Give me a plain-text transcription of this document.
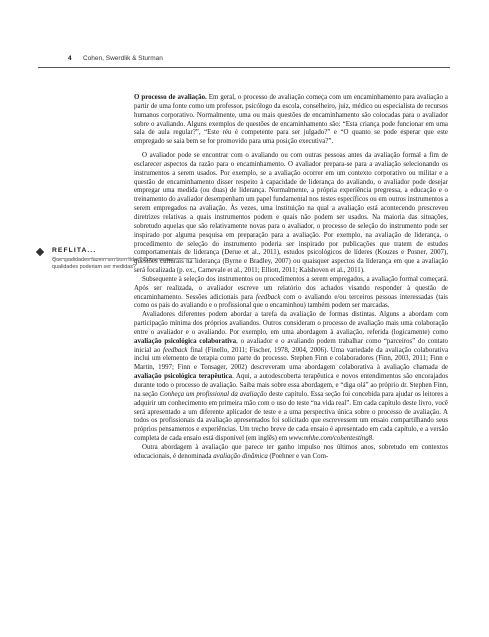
4 Cohen, Swerdlik & Sturman
REFLITA...
Que qualidades fazem um bom líder? Como essas qualidades poderiam ser medidas?

O processo de avaliação. Em geral, o processo de avaliação começa com um encaminhamento para avaliação a partir de uma fonte como um professor, psicólogo da escola, conselheiro, juiz, médico ou especialista de recursos humanos corporativo. Normalmente, uma ou mais questões de encaminhamento são colocadas para o avaliador sobre o avaliando. Alguns exemplos de questões de encaminhamento são: “Esta criança pode funcionar em uma sala de aula regular?”, “Este réu é competente para ser julgado?” e “O quanto se pode esperar que este empregado se saia bem se for promovido para uma posição executiva?”.

O avaliador pode se encontrar com o avaliando ou com outras pessoas antes da avaliação formal a fim de esclarecer aspectos da razão para o encaminhamento. O avaliador prepara-se para a avaliação selecionando os instrumentos a serem usados. Por exemplo, se a avaliação ocorrer em um contexto corporativo ou militar e a questão de encaminhamento disser respeito à capacidade de liderança do avaliando, o avaliador pode desejar empregar uma medida (ou duas) de liderança. Normalmente, a própria experiência pregressa, a educação e o treinamento do avaliador desempenham um papel fundamental nos testes específicos ou em outros instrumentos a serem empregados na avaliação. Às vezes, uma instituição na qual a avaliação está acontecendo prescreveu diretrizes relativas a quais instrumentos podem e quais não podem ser usados. Na maioria das situações, sobretudo aquelas que são relativamente novas para o avaliador, o processo de seleção do instrumento pode ser inspirado por alguma pesquisa em preparação para a avaliação. Por exemplo, na avaliação de liderança, o procedimento de seleção do instrumento poderia ser inspirado por publicações que tratem de estudos comportamentais de liderança (Derue et al., 2011), estudos psicológicos de líderes (Kouzes e Posner, 2007), questões culturais na liderança (Byrne e Bradley, 2007) ou quaisquer aspectos da liderança em que a avaliação será focalizada (p. ex., Carnevale et al., 2011; Elliott, 2011; Kalshoven et al., 2011).

Subsequente à seleção dos instrumentos ou procedimentos a serem empregados, a avaliação formal começará. Após ser realizada, o avaliador escreve um relatório dos achados visando responder à questão de encaminhamento. Sessões adicionais para feedback com o avaliando e/ou terceiros pessoas interessadas (tais como os pais do avaliando e o profissional que o encaminhou) também podem ser marcadas.

Avaliadores diferentes podem abordar a tarefa da avaliação de formas distintas. Alguns a abordam com participação mínima dos próprios avaliandos. Outros consideram o processo de avaliação mais uma colaboração entre o avaliador e o avaliando. Por exemplo, em uma abordagem à avaliação, referida (logicamente) como avaliação psicológica colaborativa, o avaliador e o avaliando podem trabalhar como “parceiros” do contato inicial ao feedback final (Finello, 2011; Fischer, 1978, 2004, 2006). Uma variedade da avaliação colaborativa inclui um elemento de terapia como parte do processo. Stephen Finn e colaboradores (Finn, 2003, 2011; Finn e Martin, 1997; Finn e Tonsager, 2002) descreveram uma abordagem colaborativa à avaliação chamada de avaliação psicológica terapêutica. Aqui, a autodescoberta terapêutica e novos entendimentos são encorajados durante todo o processo de avaliação. Saiba mais sobre essa abordagem, e “diga olá” ao próprio dr. Stephen Finn, na seção Conheça um profissional da avaliação deste capítulo. Essa seção foi concebida para ajudar os leitores a adquirir um conhecimento em primeira mão com o uso do teste “na vida real”. Em cada capítulo deste livro, você será apresentado a um diferente aplicador de teste e a uma perspectiva única sobre o processo de avaliação. A todos os profissionais da avaliação apresentados foi solicitado que escrevessem um ensaio compartilhando seus próprios pensamentos e experiências. Um trecho breve de cada ensaio é apresentado em cada capítulo, e a versão completa de cada ensaio está disponível (em inglês) em www.mhhe.com/cohentesting8.

Outra abordagem à avaliação que parece ter ganho impulso nos últimos anos, sobretudo em contextos educacionais, é denominada avaliação dinâmica (Poehner e van Com-
